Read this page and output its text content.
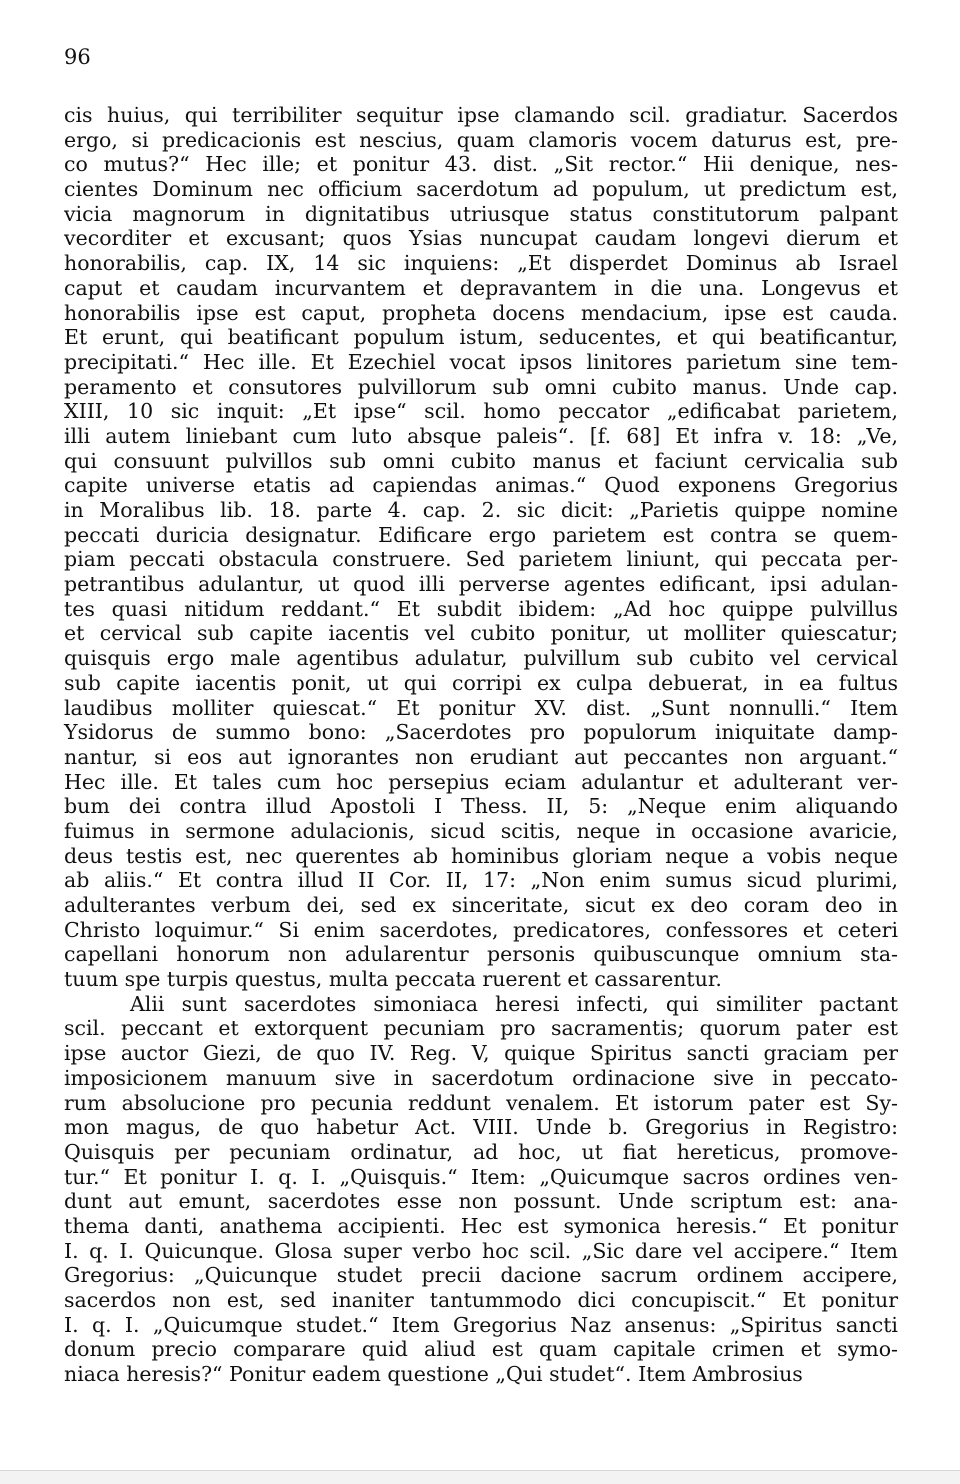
96
cis huius, qui terribiliter sequitur ipse clamando scil. gradiatur. Sacerdos
ergo, si predicacionis est nescius, quam clamoris vocem daturus est, pre-
co mutus?“ Hec ille; et ponitur 43. dist. „Sit rector.“ Hii denique, nes-
cientes Dominum nec officium sacerdotum ad populum, ut predictum est,
vicia magnorum in dignitatibus utriusque status constitutorum palpant
vecorditer et excusant; quos Ysias nuncupat caudam longevi dierum et
honorabilis, cap. IX, 14 sic inquiens: „Et disperdet Dominus ab Israel
caput et caudam incurvantem et depravantem in die una. Longevus et
honorabilis ipse est caput, propheta docens mendacium, ipse est cauda.
Et erunt, qui beatificant populum istum, seducentes, et qui beatificantur,
precipitati.“ Hec ille. Et Ezechiel vocat ipsos linitores parietum sine tem-
peramento et consutores pulvillorum sub omni cubito manus. Unde cap.
XIII, 10 sic inquit: „Et ipse“ scil. homo peccator „edificabat parietem,
illi autem liniebant cum luto absque paleis“. [f. 68] Et infra v. 18: „Ve,
qui consuunt pulvillos sub omni cubito manus et faciunt cervicalia sub
capite universe etatis ad capiendas animas.“ Quod exponens Gregorius
in Moralibus lib. 18. parte 4. cap. 2. sic dicit: „Parietis quippe nomine
peccati duricia designatur. Edificare ergo parietem est contra se quem-
piam peccati obstacula construere. Sed parietem liniunt, qui peccata per-
petrantibus adulantur, ut quod illi perverse agentes edificant, ipsi adulan-
tes quasi nitidum reddant.“ Et subdit ibidem: „Ad hoc quippe pulvillus
et cervical sub capite iacentis vel cubito ponitur, ut molliter quiescatur;
quisquis ergo male agentibus adulatur, pulvillum sub cubito vel cervical
sub capite iacentis ponit, ut qui corripi ex culpa debuerat, in ea fultus
laudibus molliter quiescat.“ Et ponitur XV. dist. „Sunt nonnulli.“ Item
Ysidorus de summo bono: „Sacerdotes pro populorum iniquitate damp-
nantur, si eos aut ignorantes non erudiant aut peccantes non arguant.“
Hec ille. Et tales cum hoc persepius eciam adulantur et adulterant ver-
bum dei contra illud Apostoli I Thess. II, 5: „Neque enim aliquando
fuimus in sermone adulacionis, sicud scitis, neque in occasione avaricie,
deus testis est, nec querentes ab hominibus gloriam neque a vobis neque
ab aliis.“ Et contra illud II Cor. II, 17: „Non enim sumus sicud plurimi,
adulterantes verbum dei, sed ex sinceritate, sicut ex deo coram deo in
Christo loquimur.“ Si enim sacerdotes, predicatores, confessores et ceteri
capellani honorum non adularentur personis quibuscunque omnium sta-
tuum spe turpis questus, multa peccata ruerent et cassarentur.
Alii sunt sacerdotes simoniaca heresi infecti, qui similiter pactant
scil. peccant et extorquent pecuniam pro sacramentis; quorum pater est
ipse auctor Giezi, de quo IV. Reg. V, quique Spiritus sancti graciam per
imposicionem manuum sive in sacerdotum ordinacione sive in peccato-
rum absolucione pro pecunia reddunt venalem. Et istorum pater est Sy-
mon magus, de quo habetur Act. VIII. Unde b. Gregorius in Registro:
Quisquis per pecuniam ordinatur, ad hoc, ut fiat hereticus, promove-
tur.“ Et ponitur I. q. I. „Quisquis.“ Item: „Quicumque sacros ordines ven-
dunt aut emunt, sacerdotes esse non possunt. Unde scriptum est: ana-
thema danti, anathema accipienti. Hec est symonica heresis.“ Et ponitur
I. q. I. Quicunque. Glosa super verbo hoc scil. „Sic dare vel accipere.“ Item
Gregorius: „Quicunque studet precii dacione sacrum ordinem accipere,
sacerdos non est, sed inaniter tantummodo dici concupiscit.“ Et ponitur
I. q. I. „Quicumque studet.“ Item Gregorius Naz ansenus: „Spiritus sancti
donum precio comparare quid aliud est quam capitale crimen et symo-
niaca heresis?“ Ponitur eadem questione „Qui studet“. Item Ambrosius
